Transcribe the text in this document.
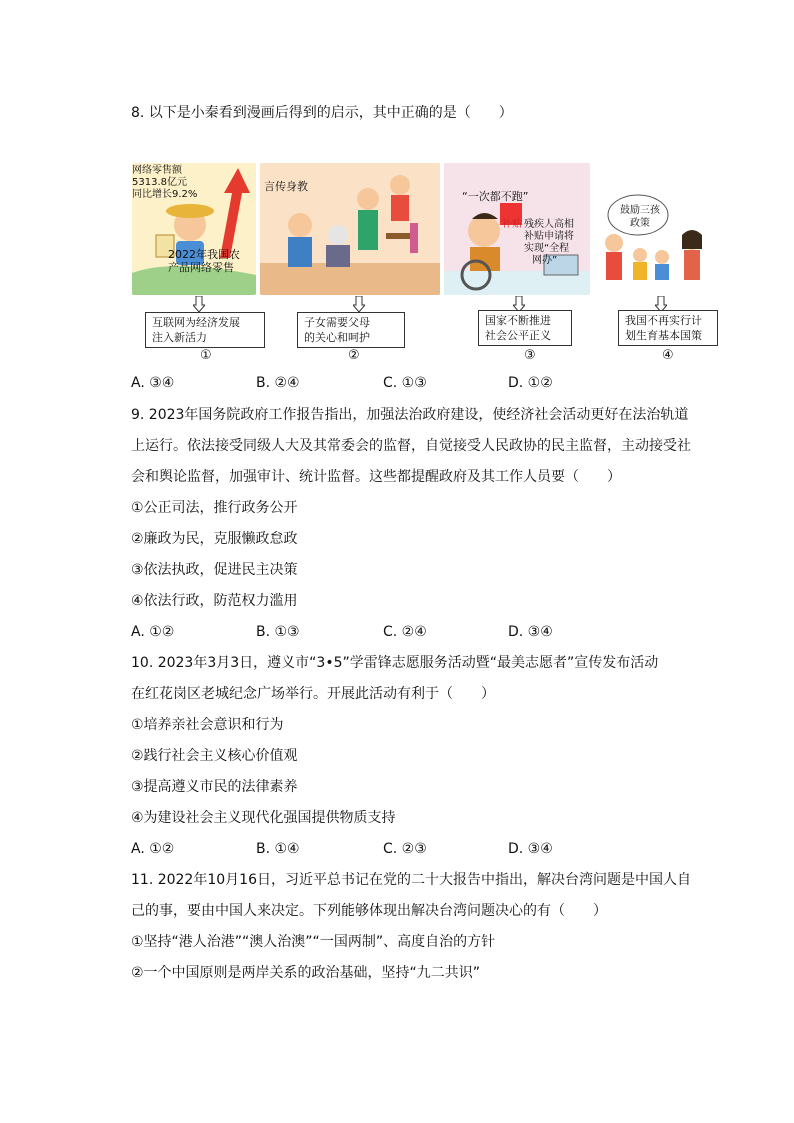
8. 以下是小秦看到漫画后得到的启示，其中正确的是（　　）
网络零售额
5313.8亿元
同比增长9.2%
2022年我国农
产品网络零售
言传身教
“一次都不跑”
补贴 残疾人高相
补贴申请将
实现“全程
网办”
鼓励三孩
政策
互联网为经济发展
注入新活力
子女需要父母
的关心和呵护
国家不断推进
社会公平正义
我国不再实行计
划生育基本国策
①	②	③	④
A. ③④	B. ②④	C. ①③	D. ①②
9. 2023年国务院政府工作报告指出，加强法治政府建设，使经济社会活动更好在法治轨道
上运行。依法接受同级人大及其常委会的监督，自觉接受人民政协的民主监督，主动接受社
会和舆论监督，加强审计、统计监督。这些都提醒政府及其工作人员要（　　）
①公正司法，推行政务公开
②廉政为民，克服懒政怠政
③依法执政，促进民主决策
④依法行政，防范权力滥用
A. ①②	B. ①③	C. ②④	D. ③④
10. 2023年3月3日，遵义市“3•5”学雷锋志愿服务活动暨“最美志愿者”宣传发布活动
在红花岗区老城纪念广场举行。开展此活动有利于（　　）
①培养亲社会意识和行为
②践行社会主义核心价值观
③提高遵义市民的法律素养
④为建设社会主义现代化强国提供物质支持
A. ①②	B. ①④	C. ②③	D. ③④
11. 2022年10月16日，习近平总书记在党的二十大报告中指出，解决台湾问题是中国人自
己的事，要由中国人来决定。下列能够体现出解决台湾问题决心的有（　　）
①坚持“港人治港”“澳人治澳”“一国两制”、高度自治的方针
②一个中国原则是两岸关系的政治基础，坚持“九二共识”
